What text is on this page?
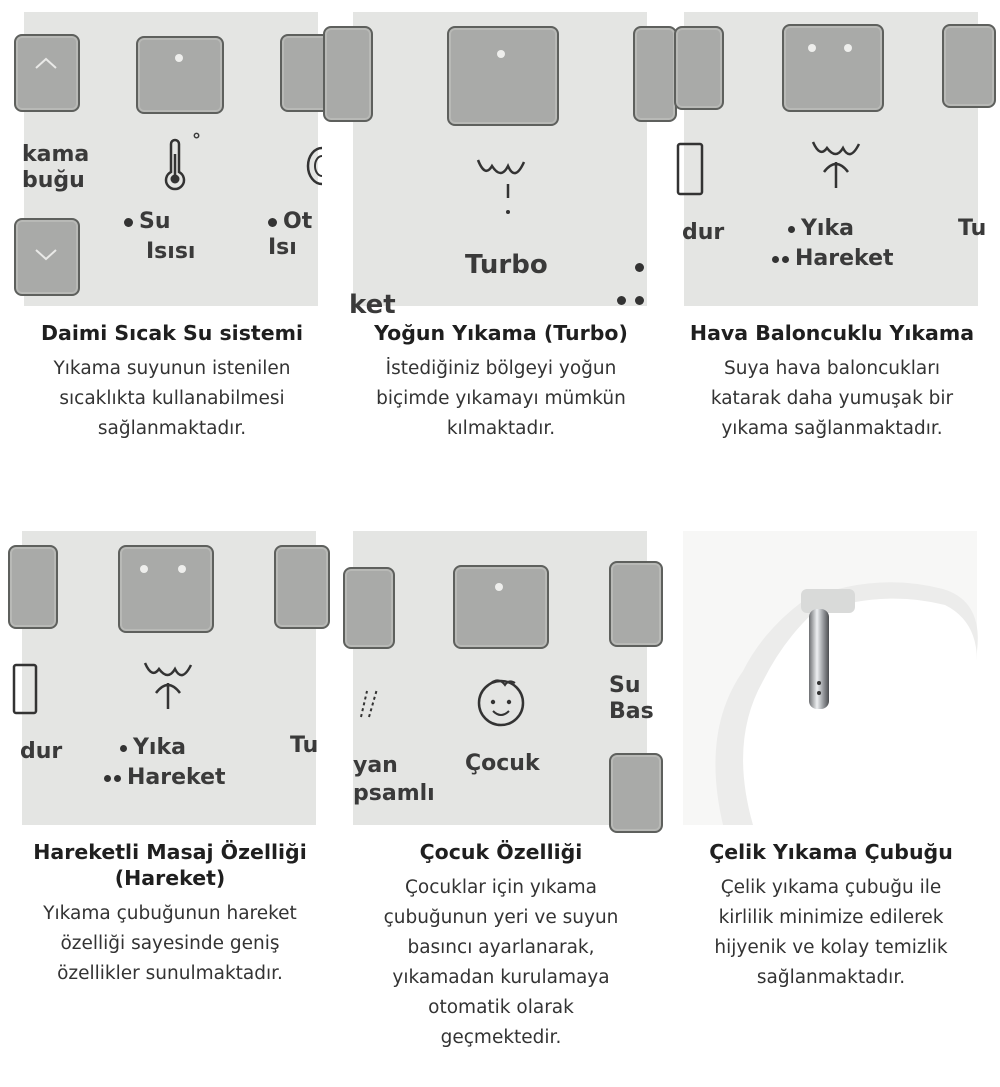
kama
buğu
°
Su
Isısı
Ot
Isı
Daimi Sıcak Su sistemi
Yıkama suyunun istenilen sıcaklıkta kullanabilmesi sağlanmaktadır.
Turbo
ket
Yoğun Yıkama (Turbo)
İstediğiniz bölgeyi yoğun biçimde yıkamayı mümkün kılmaktadır.
dur	Yıka
Hareket
Tu
Hava Baloncuklu Yıkama
Suya hava baloncukları katarak daha yumuşak bir yıkama sağlanmaktadır.
dur	Yıka
Hareket
Tu
Hareketli Masaj Özelliği (Hareket)
Yıkama çubuğunun hareket özelliği sayesinde geniş özellikler sunulmaktadır.
yan
psamlı
Çocuk
Su
Bas
Çocuk Özelliği
Çocuklar için yıkama çubuğunun yeri ve suyun basıncı ayarlanarak, yıkamadan kurulamaya otomatik olarak geçmektedir.
Çelik Yıkama Çubuğu
Çelik yıkama çubuğu ile kirlilik minimize edilerek hijyenik ve kolay temizlik sağlanmaktadır.
